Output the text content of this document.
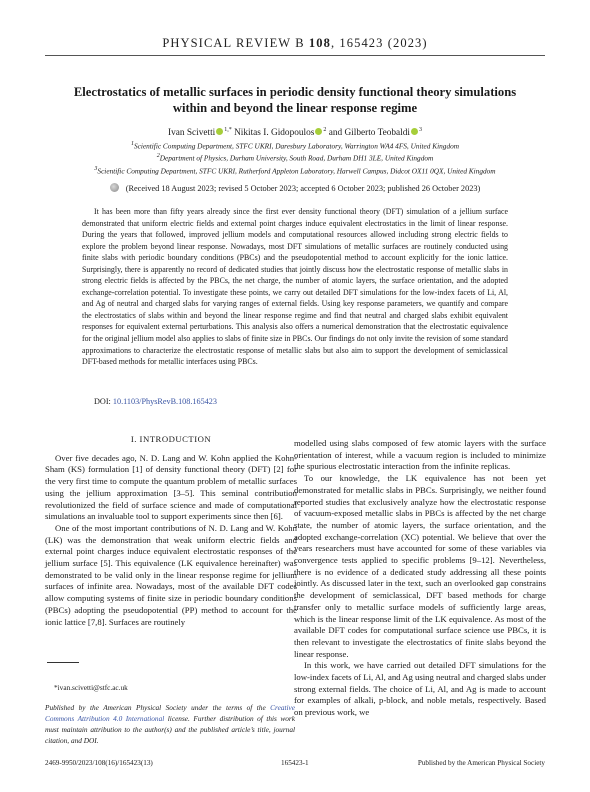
PHYSICAL REVIEW B 108, 165423 (2023)
Electrostatics of metallic surfaces in periodic density functional theory simulations
within and beyond the linear response regime
Ivan Scivetti $^{1,*}$ Nikitas I. Gidopoulos $^2$ and Gilberto Teobaldi $^3$
$^1$Scientific Computing Department, STFC UKRI, Daresbury Laboratory, Warrington WA4 4FS, United Kingdom
$^2$Department of Physics, Durham University, South Road, Durham DH1 3LE, United Kingdom
$^3$Scientific Computing Department, STFC UKRI, Rutherford Appleton Laboratory, Harwell Campus, Didcot OX11 0QX, United Kingdom
(Received 18 August 2023; revised 5 October 2023; accepted 6 October 2023; published 26 October 2023)
It has been more than fifty years already since the first ever density functional theory (DFT) simulation of a jellium surface demonstrated that uniform electric fields and external point charges induce equivalent electrostatics in the limit of linear response. During the years that followed, improved jellium models and computational resources allowed including strong electric fields to explore the problem beyond linear response. Nowadays, most DFT simulations of metallic surfaces are routinely conducted using finite slabs with periodic boundary conditions (PBCs) and the pseudopotential method to account explicitly for the ionic lattice. Surprisingly, there is apparently no record of dedicated studies that jointly discuss how the electrostatic response of metallic slabs in strong electric fields is affected by the PBCs, the net charge, the number of atomic layers, the surface orientation, and the adopted exchange-correlation potential. To investigate these points, we carry out detailed DFT simulations for the low-index facets of Li, Al, and Ag of neutral and charged slabs for varying ranges of external fields. Using key response parameters, we quantify and compare the electrostatics of slabs within and beyond the linear response regime and find that neutral and charged slabs exhibit equivalent responses for equivalent external perturbations. This analysis also offers a numerical demonstration that the electrostatic equivalence for the original jellium model also applies to slabs of finite size in PBCs. Our findings do not only invite the revision of some standard approximations to characterize the electrostatic response of metallic slabs but also aim to support the development of semiclassical DFT-based methods for metallic interfaces using PBCs.
DOI: 10.1103/PhysRevB.108.165423
I. INTRODUCTION

Over five decades ago, N. D. Lang and W. Kohn applied the Kohn-Sham (KS) formulation [1] of density functional theory (DFT) [2] for the very first time to compute the quantum problem of metallic surfaces using the jellium approximation [3–5]. This seminal contribution revolutionized the field of surface science and made of computational simulations an invaluable tool to support experiments since then [6].

One of the most important contributions of N. D. Lang and W. Kohn (LK) was the demonstration that weak uniform electric fields and external point charges induce equivalent electrostatic responses of the jellium surface [5]. This equivalence (LK equivalence hereinafter) was demonstrated to be valid only in the linear response regime for jellium surfaces of infinite area. Nowadays, most of the available DFT codes allow computing systems of finite size in periodic boundary conditions (PBCs) adopting the pseudopotential (PP) method to account for the ionic lattice [7,8]. Surfaces are routinely

modelled using slabs composed of few atomic layers with the surface orientation of interest, while a vacuum region is included to minimize the spurious electrostatic interaction from the infinite replicas.

To our knowledge, the LK equivalence has not been yet demonstrated for metallic slabs in PBCs. Surprisingly, we neither found reported studies that exclusively analyze how the electrostatic response of vacuum-exposed metallic slabs in PBCs is affected by the net charge state, the number of atomic layers, the surface orientation, and the adopted exchange-correlation (XC) potential. We believe that over the years researchers must have accounted for some of these variables via convergence tests applied to specific problems [9–12]. Nevertheless, there is no evidence of a dedicated study addressing all these points jointly. As discussed later in the text, such an overlooked gap constrains the development of semiclassical, DFT based methods for charge transfer only to metallic surface models of sufficiently large areas, which is the linear response limit of the LK equivalence. As most of the available DFT codes for computational surface science use PBCs, it is then relevant to investigate the electrostatics of finite slabs beyond the linear response.

In this work, we have carried out detailed DFT simulations for the low-index facets of Li, Al, and Ag using neutral and charged slabs under strong external fields. The choice of Li, Al, and Ag is made to account for examples of alkali, p-block, and noble metals, respectively. Based on previous work, we

*ivan.scivetti@stfc.ac.uk
Published by the American Physical Society under the terms of the Creative Commons Attribution 4.0 International license. Further distribution of this work must maintain attribution to the author(s) and the published article’s title, journal citation, and DOI.
2469-9950/2023/108(16)/165423(13)	165423-1	Published by the American Physical Society
